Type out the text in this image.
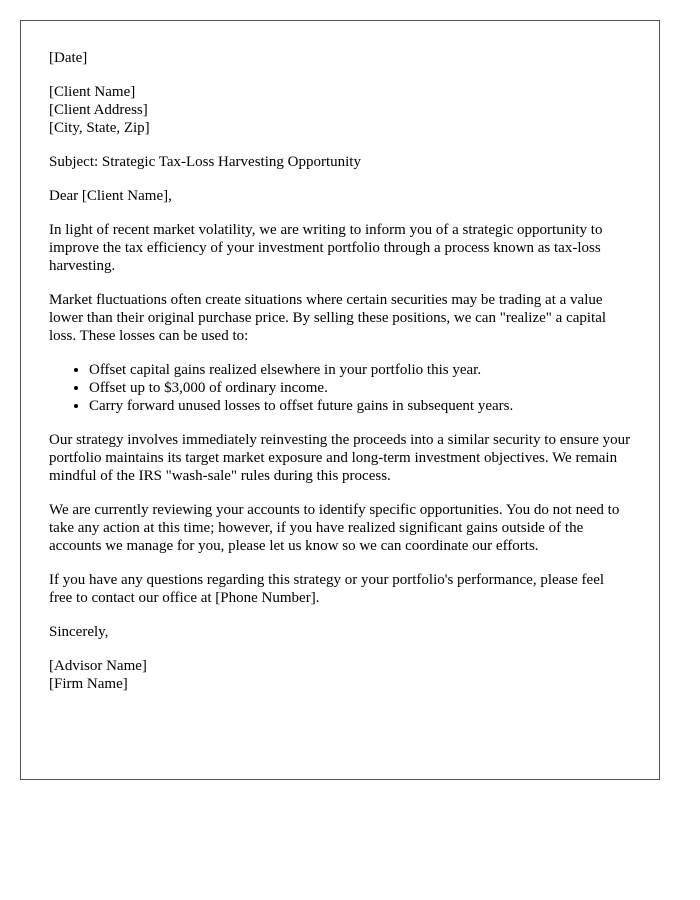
[Date]

[Client Name]
[Client Address]
[City, State, Zip]

Subject: Strategic Tax-Loss Harvesting Opportunity

Dear [Client Name],

In light of recent market volatility, we are writing to inform you of a strategic opportunity to improve the tax efficiency of your investment portfolio through a process known as tax-loss harvesting.

Market fluctuations often create situations where certain securities may be trading at a value lower than their original purchase price. By selling these positions, we can "realize" a capital loss. These losses can be used to:

• Offset capital gains realized elsewhere in your portfolio this year.
• Offset up to $3,000 of ordinary income.
• Carry forward unused losses to offset future gains in subsequent years.

Our strategy involves immediately reinvesting the proceeds into a similar security to ensure your portfolio maintains its target market exposure and long-term investment objectives. We remain mindful of the IRS "wash-sale" rules during this process.

We are currently reviewing your accounts to identify specific opportunities. You do not need to take any action at this time; however, if you have realized significant gains outside of the accounts we manage for you, please let us know so we can coordinate our efforts.

If you have any questions regarding this strategy or your portfolio's performance, please feel free to contact our office at [Phone Number].

Sincerely,

[Advisor Name]
[Firm Name]
